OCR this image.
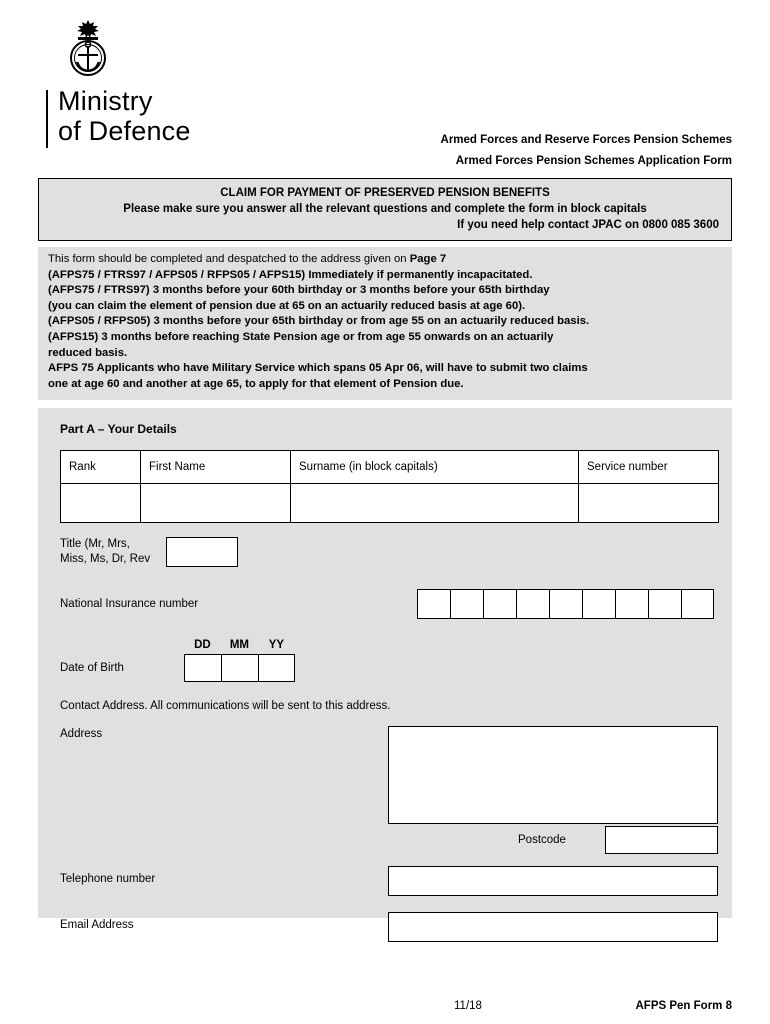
Ministry
of Defence	Armed Forces and Reserve Forces Pension Schemes
Armed Forces Pension Schemes Application Form
CLAIM FOR PAYMENT OF PRESERVED PENSION BENEFITS
Please make sure you answer all the relevant questions and complete the form in block capitals
If you need help contact JPAC on 0800 085 3600
This form should be completed and despatched to the address given on Page 7
(AFPS75 / FTRS97 / AFPS05 / RFPS05 / AFPS15) Immediately if permanently incapacitated.
(AFPS75 / FTRS97) 3 months before your 60th birthday or 3 months before your 65th birthday
(you can claim the element of pension due at 65 on an actuarily reduced basis at age 60).
(AFPS05 / RFPS05) 3 months before your 65th birthday or from age 55 on an actuarily reduced basis.
(AFPS15) 3 months before reaching State Pension age or from age 55 onwards on an actuarily
reduced basis.
AFPS 75 Applicants who have Military Service which spans 05 Apr 06, will have to submit two claims
one at age 60 and another at age 65, to apply for that element of Pension due.
Part A – Your Details
Rank	First Name	Surname (in block capitals)	Service number

Title (Mr, Mrs,
Miss, Ms, Dr, Rev
National Insurance number
Date of Birth
DD	MM	YY
Contact Address. All communications will be sent to this address.
Address
Postcode
Telephone number
Email Address
11/18	AFPS Pen Form 8
